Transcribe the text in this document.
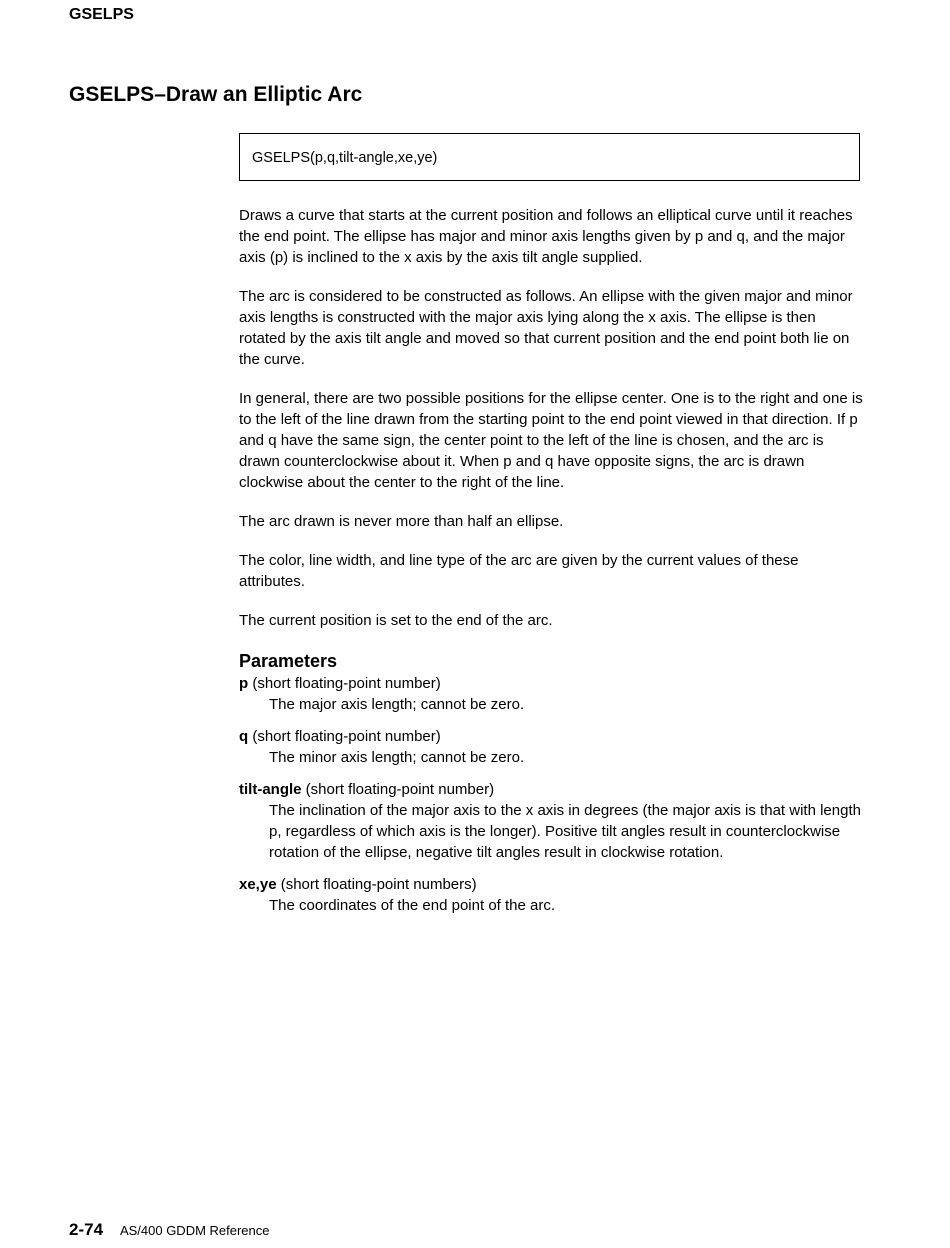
GSELPS
GSELPS–Draw an Elliptic Arc
GSELPS(p,q,tilt-angle,xe,ye)

Draws a curve that starts at the current position and follows an elliptical curve until it reaches the end point. The ellipse has major and minor axis lengths given by p and q, and the major axis (p) is inclined to the x axis by the axis tilt angle supplied.

The arc is considered to be constructed as follows. An ellipse with the given major and minor axis lengths is constructed with the major axis lying along the x axis. The ellipse is then rotated by the axis tilt angle and moved so that current position and the end point both lie on the curve.

In general, there are two possible positions for the ellipse center. One is to the right and one is to the left of the line drawn from the starting point to the end point viewed in that direction. If p and q have the same sign, the center point to the left of the line is chosen, and the arc is drawn counterclockwise about it. When p and q have opposite signs, the arc is drawn clockwise about the center to the right of the line.

The arc drawn is never more than half an ellipse.

The color, line width, and line type of the arc are given by the current values of these attributes.

The current position is set to the end of the arc.

Parameters
p (short floating-point number)
The major axis length; cannot be zero.
q (short floating-point number)
The minor axis length; cannot be zero.
tilt-angle (short floating-point number)
The inclination of the major axis to the x axis in degrees (the major axis is that with length p, regardless of which axis is the longer). Positive tilt angles result in counterclockwise rotation of the ellipse, negative tilt angles result in clockwise rotation.
xe,ye (short floating-point numbers)
The coordinates of the end point of the arc.
2-74 AS/400 GDDM Reference
